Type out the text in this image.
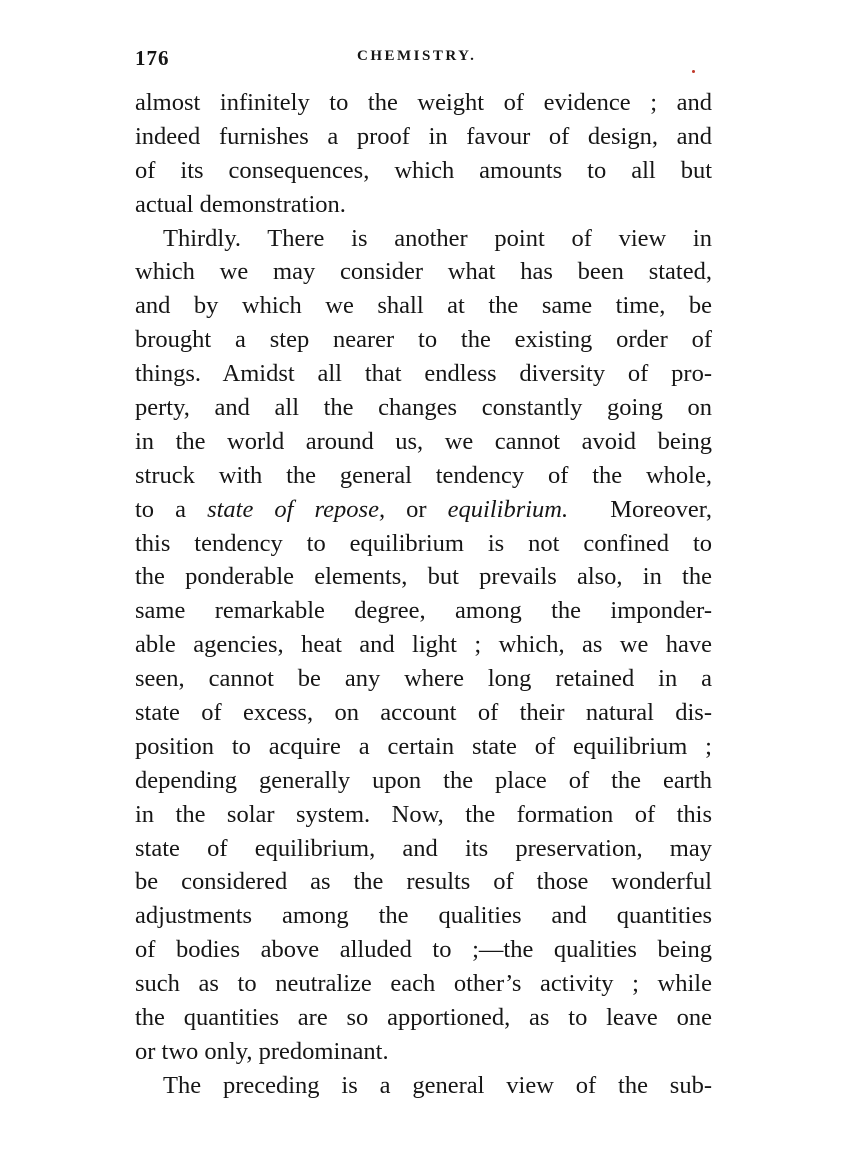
176	CHEMISTRY.
almost infinitely to the weight of evidence ; and
indeed furnishes a proof in favour of design, and
of its consequences, which amounts to all but
actual demonstration.
Thirdly. There is another point of view in
which we may consider what has been stated,
and by which we shall at the same time, be
brought a step nearer to the existing order of
things. Amidst all that endless diversity of pro-
perty, and all the changes constantly going on
in the world around us, we cannot avoid being
struck with the general tendency of the whole,
to a state of repose, or equilibrium. Moreover,
this tendency to equilibrium is not confined to
the ponderable elements, but prevails also, in the
same remarkable degree, among the imponder-
able agencies, heat and light ; which, as we have
seen, cannot be any where long retained in a
state of excess, on account of their natural dis-
position to acquire a certain state of equilibrium ;
depending generally upon the place of the earth
in the solar system. Now, the formation of this
state of equilibrium, and its preservation, may
be considered as the results of those wonderful
adjustments among the qualities and quantities
of bodies above alluded to ;—the qualities being
such as to neutralize each other’s activity ; while
the quantities are so apportioned, as to leave one
or two only, predominant.
The preceding is a general view of the sub-
